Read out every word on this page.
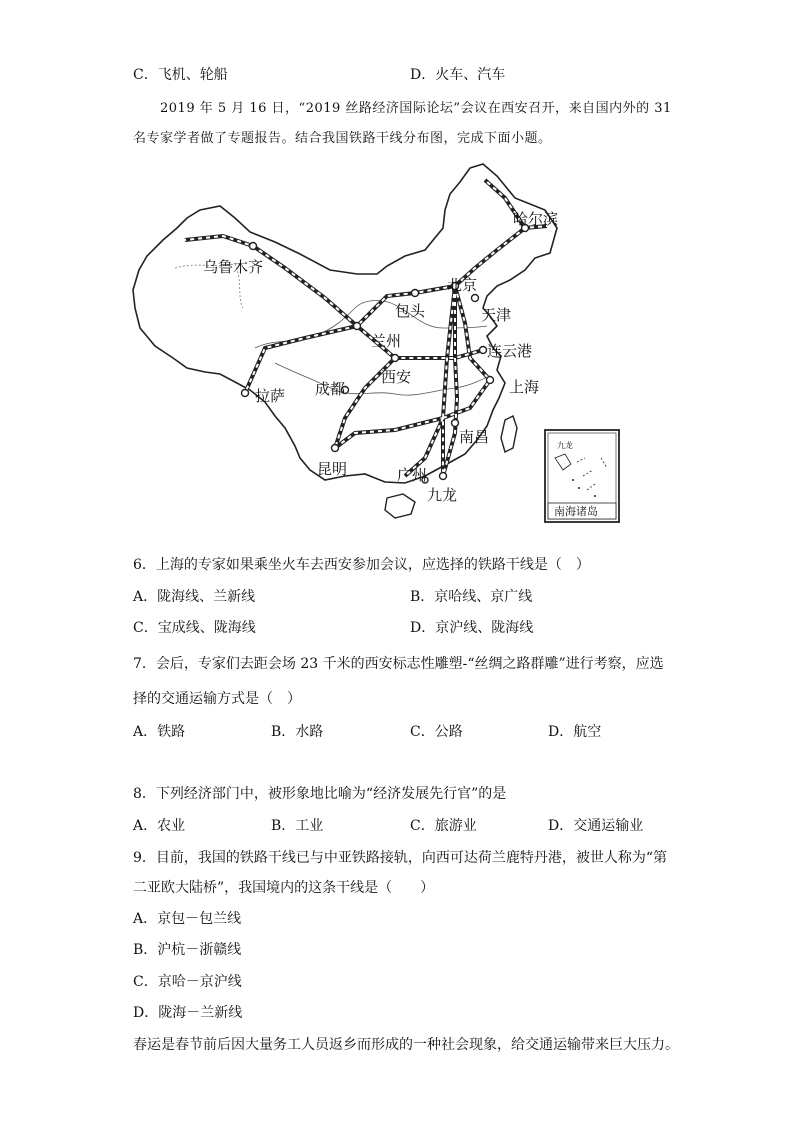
C．飞机、轮船	D．火车、汽车
2019 年 5 月 16 日，“2019 丝路经济国际论坛”会议在西安召开，来自国内外的 31
名专家学者做了专题报告。结合我国铁路干线分布图，完成下面小题。
哈尔滨
乌鲁木齐
北京
包头	天津
兰州
连云港
西安
成都
拉萨	上海
南昌
昆明	广州
九龙
九龙
南海诸岛
6．上海的专家如果乘坐火车去西安参加会议，应选择的铁路干线是（　）
A．陇海线、兰新线	B．京哈线、京广线
C．宝成线、陇海线	D．京沪线、陇海线
7．会后，专家们去距会场 23 千米的西安标志性雕塑-“丝绸之路群雕”进行考察，应选
择的交通运输方式是（　）
A．铁路	B．水路	C．公路	D．航空
8．下列经济部门中，被形象地比喻为“经济发展先行官”的是
A．农业	B．工业	C．旅游业	D．交通运输业
9．目前，我国的铁路干线已与中亚铁路接轨，向西可达荷兰鹿特丹港，被世人称为“第
二亚欧大陆桥”，我国境内的这条干线是（　　）
A．京包－包兰线
B．沪杭－浙赣线
C．京哈－京沪线
D．陇海－兰新线
春运是春节前后因大量务工人员返乡而形成的一种社会现象，给交通运输带来巨大压力。
